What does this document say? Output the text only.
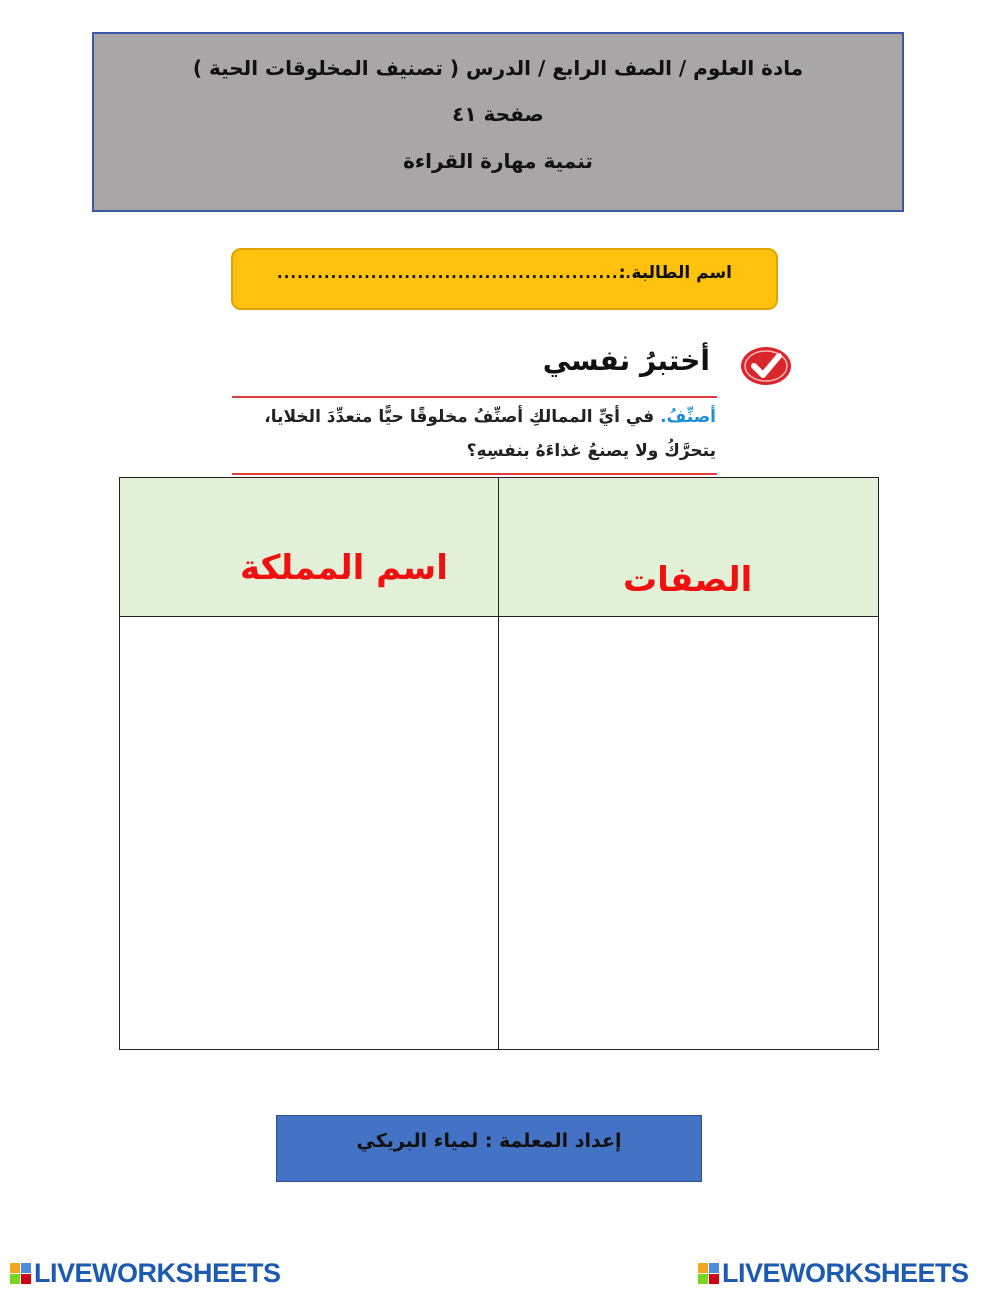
مادة العلوم / الصف الرابع / الدرس ( تصنيف المخلوقات الحية )
صفحة ٤١
تنمية مهارة القراءة
اسم الطالبة :
........................................................
أختبرُ نفسي
أصنِّفُ. في أيِّ الممالكِ أصنِّفُ مخلوقًا حيًّا متعدِّدَ الخلايا، يتحرَّكُ ولا يصنعُ غذاءَهُ بنفسِهِ؟
اسم المملكة	الصفات
إعداد المعلمة : لمياء البريكي
LIVEWORKSHEETS	LIVEWORKSHEETS
